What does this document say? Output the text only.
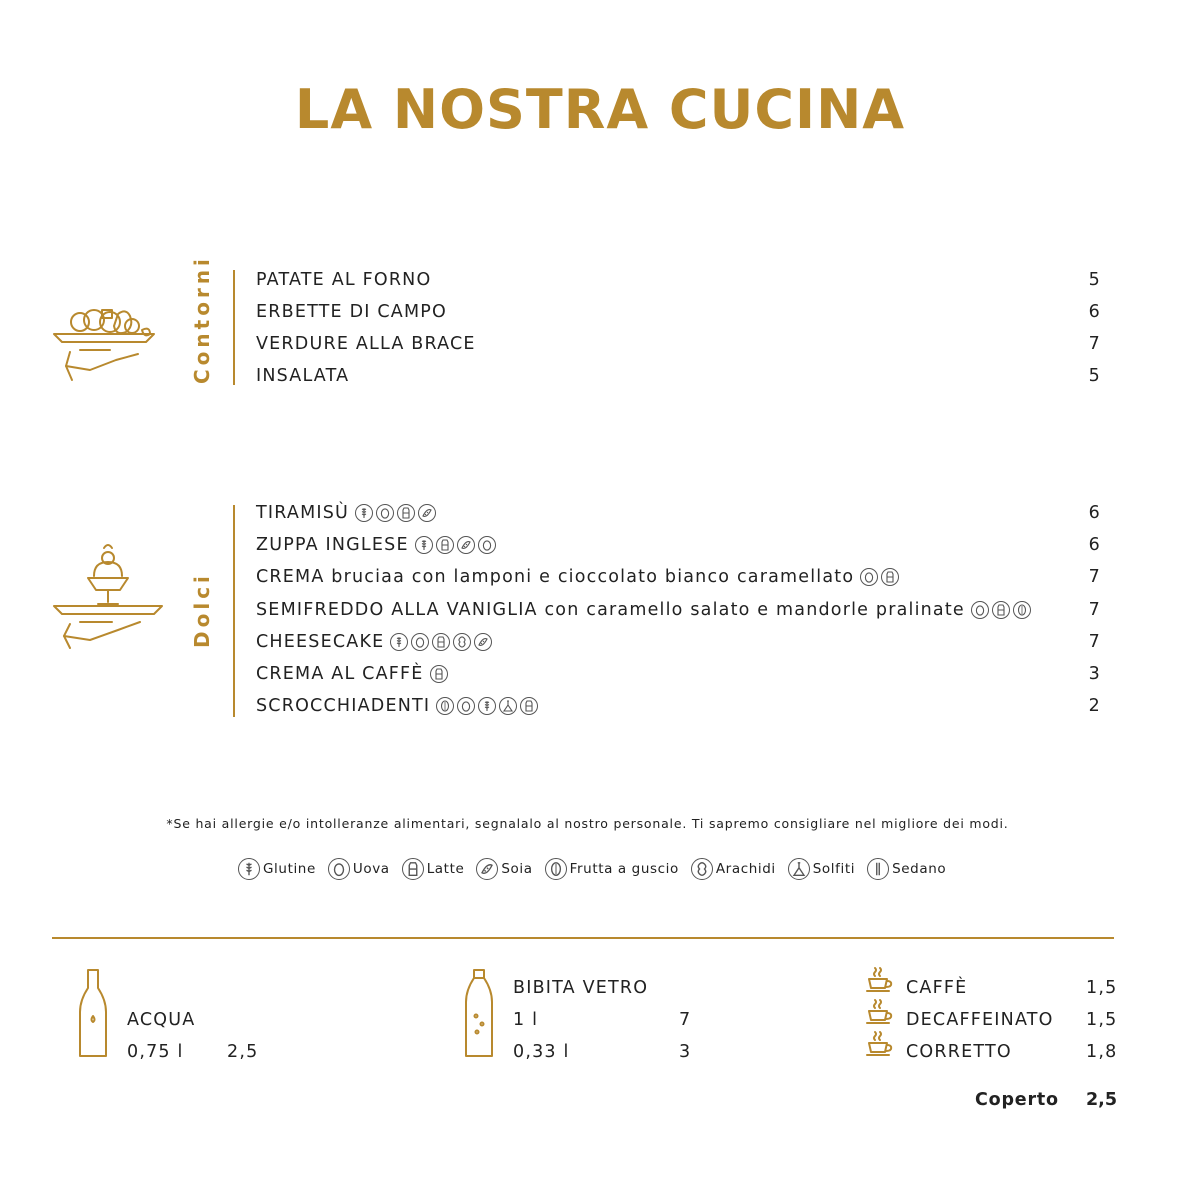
LA NOSTRA CUCINA
Contorni PATATE AL FORNO	5
ERBETTE DI CAMPO	6
VERDURE ALLA BRACE	7
INSALATA	5
Dolci
TIRAMISÙ	6
ZUPPA INGLESE	6
CREMA bruciaa con lamponi e cioccolato bianco caramellato	7
SEMIFREDDO ALLA VANIGLIA con caramello salato e mandorle pralinate	7
CHEESECAKE	7
CREMA AL CAFFÈ	3
SCROCCHIADENTI	2
*Se hai allergie e/o intolleranze alimentari, segnalalo al nostro personale. Ti sapremo consigliare nel migliore dei modi.
Glutine	Uova	Latte	Soia	Frutta a guscio	Arachidi	Solfiti	Sedano
ACQUA
0,75 l 2,5
BIBITA VETRO
1 l	7
0,33 l	3
CAFFÈ	1,5
DECAFFEINATO 1,5
CORRETTO	1,8
Coperto 2,5
